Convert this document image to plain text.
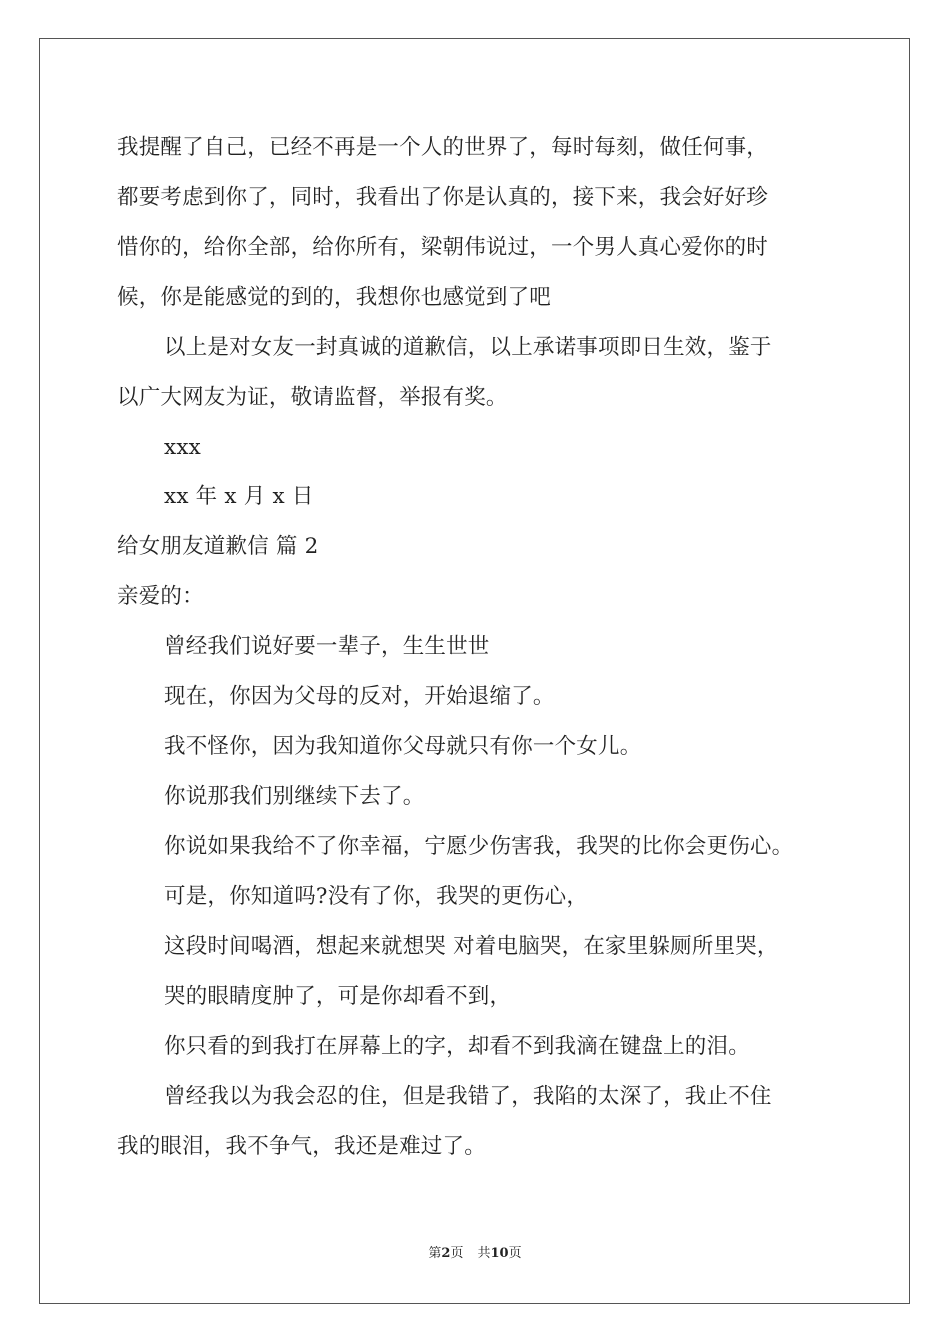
我提醒了自己，已经不再是一个人的世界了，每时每刻，做任何事，
都要考虑到你了，同时，我看出了你是认真的，接下来，我会好好珍
惜你的，给你全部，给你所有，梁朝伟说过，一个男人真心爱你的时
候，你是能感觉的到的，我想你也感觉到了吧
以上是对女友一封真诚的道歉信，以上承诺事项即日生效，鉴于
以广大网友为证，敬请监督，举报有奖。
xxx
xx 年 x 月 x 日
给女朋友道歉信 篇 2
亲爱的：
曾经我们说好要一辈子，生生世世
现在，你因为父母的反对，开始退缩了。
我不怪你，因为我知道你父母就只有你一个女儿。
你说那我们别继续下去了。
你说如果我给不了你幸福，宁愿少伤害我，我哭的比你会更伤心。
可是，你知道吗?没有了你，我哭的更伤心，
这段时间喝酒，想起来就想哭 对着电脑哭，在家里躲厕所里哭，
哭的眼睛度肿了，可是你却看不到，
你只看的到我打在屏幕上的字，却看不到我滴在键盘上的泪。
曾经我以为我会忍的住，但是我错了，我陷的太深了，我止不住
我的眼泪，我不争气，我还是难过了。
第2页 共10页
